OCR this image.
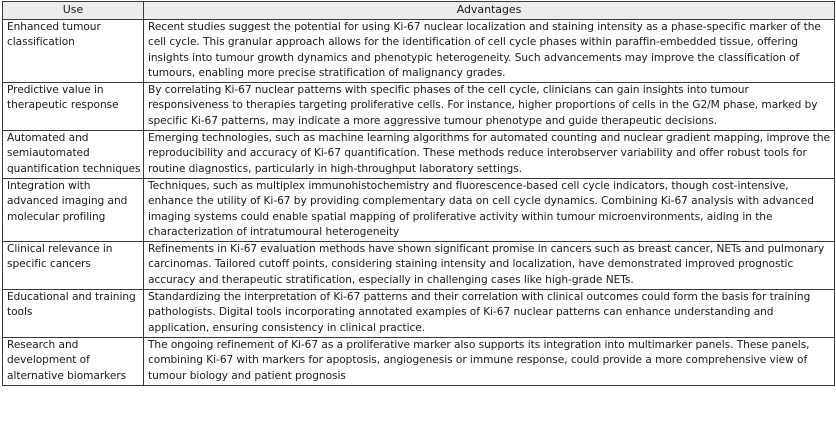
Use	Advantages
Enhanced tumour classification	Recent studies suggest the potential for using Ki-67 nuclear localization and staining intensity as a phase-specific marker of the cell cycle. This granular approach allows for the identification of cell cycle phases within paraffin-embedded tissue, offering insights into tumour growth dynamics and phenotypic heterogeneity. Such advancements may improve the classification of tumours, enabling more precise stratification of malignancy grades.
Predictive value in therapeutic response	By correlating Ki-67 nuclear patterns with specific phases of the cell cycle, clinicians can gain insights into tumour responsiveness to therapies targeting proliferative cells. For instance, higher proportions of cells in the G2/M phase, marked by specific Ki-67 patterns, may indicate a more aggressive tumour phenotype and guide therapeutic decisions.
Automated and semiautomated quantification techniques	Emerging technologies, such as machine learning algorithms for automated counting and nuclear gradient mapping, improve the reproducibility and accuracy of Ki-67 quantification. These methods reduce interobserver variability and offer robust tools for routine diagnostics, particularly in high-throughput laboratory settings.
Integration with advanced imaging and molecular profiling	Techniques, such as multiplex immunohistochemistry and fluorescence-based cell cycle indicators, though cost-intensive, enhance the utility of Ki-67 by providing complementary data on cell cycle dynamics. Combining Ki-67 analysis with advanced imaging systems could enable spatial mapping of proliferative activity within tumour microenvironments, aiding in the characterization of intratumoural heterogeneity
Clinical relevance in specific cancers	Refinements in Ki-67 evaluation methods have shown significant promise in cancers such as breast cancer, NETs and pulmonary carcinomas. Tailored cutoff points, considering staining intensity and localization, have demonstrated improved prognostic accuracy and therapeutic stratification, especially in challenging cases like high-grade NETs.
Educational and training tools	Standardizing the interpretation of Ki-67 patterns and their correlation with clinical outcomes could form the basis for training pathologists. Digital tools incorporating annotated examples of Ki-67 nuclear patterns can enhance understanding and application, ensuring consistency in clinical practice.
Research and development of alternative biomarkers	The ongoing refinement of Ki-67 as a proliferative marker also supports its integration into multimarker panels. These panels, combining Ki-67 with markers for apoptosis, angiogenesis or immune response, could provide a more comprehensive view of tumour biology and patient prognosis
